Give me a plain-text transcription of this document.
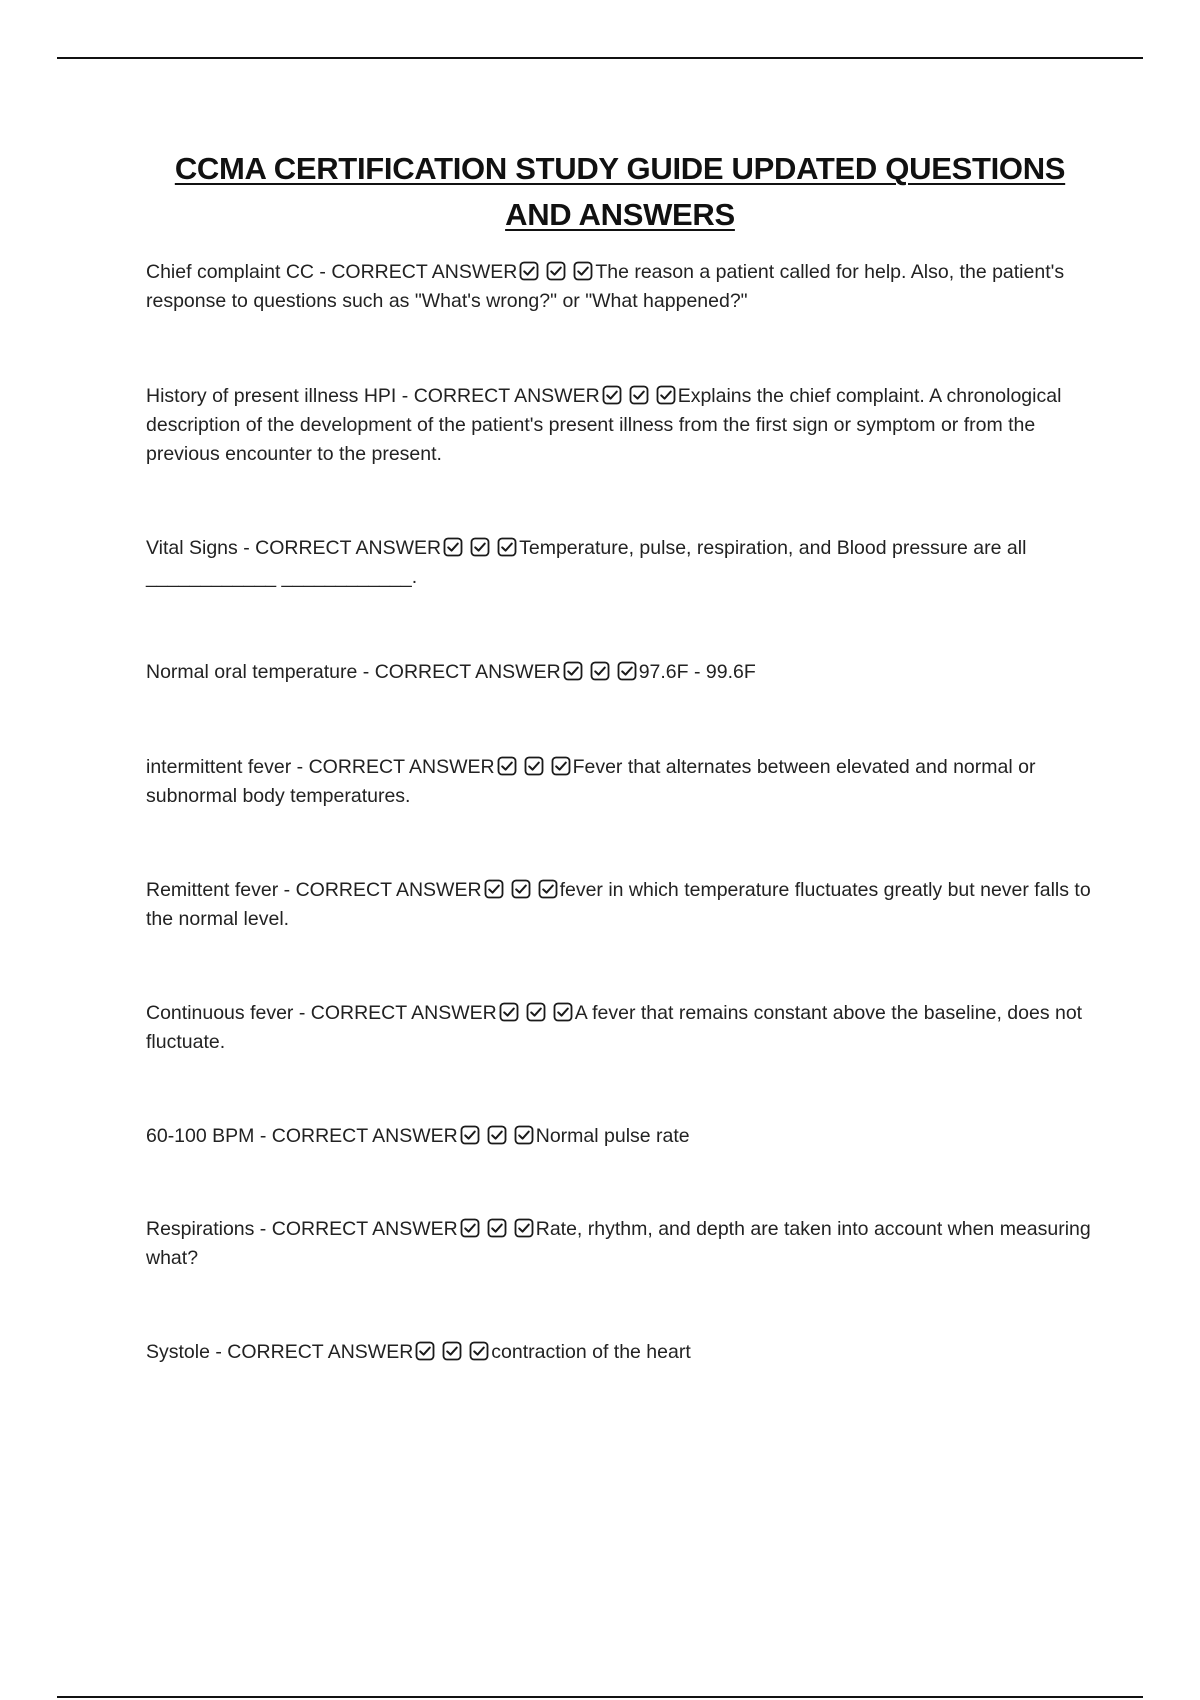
CCMA CERTIFICATION STUDY GUIDE UPDATED QUESTIONS
AND ANSWERS

Chief complaint CC - CORRECT ANSWER	The reason a patient called for help. Also, the patient's response to questions such as "What's wrong?" or "What happened?"

History of present illness HPI - CORRECT ANSWER	Explains the chief complaint. A chronological description of the development of the patient's present illness from the first sign or symptom or from the previous encounter to the present.

Vital Signs - CORRECT ANSWER	Temperature, pulse, respiration, and Blood pressure are all ____________ ____________.

Normal oral temperature - CORRECT ANSWER	97.6F - 99.6F

intermittent fever - CORRECT ANSWER	Fever that alternates between elevated and normal or subnormal body temperatures.

Remittent fever - CORRECT ANSWER	fever in which temperature fluctuates greatly but never falls to the normal level.

Continuous fever - CORRECT ANSWER	A fever that remains constant above the baseline, does not fluctuate.

60-100 BPM - CORRECT ANSWER	Normal pulse rate

Respirations - CORRECT ANSWER	Rate, rhythm, and depth are taken into account when measuring what?

Systole - CORRECT ANSWER	contraction of the heart
